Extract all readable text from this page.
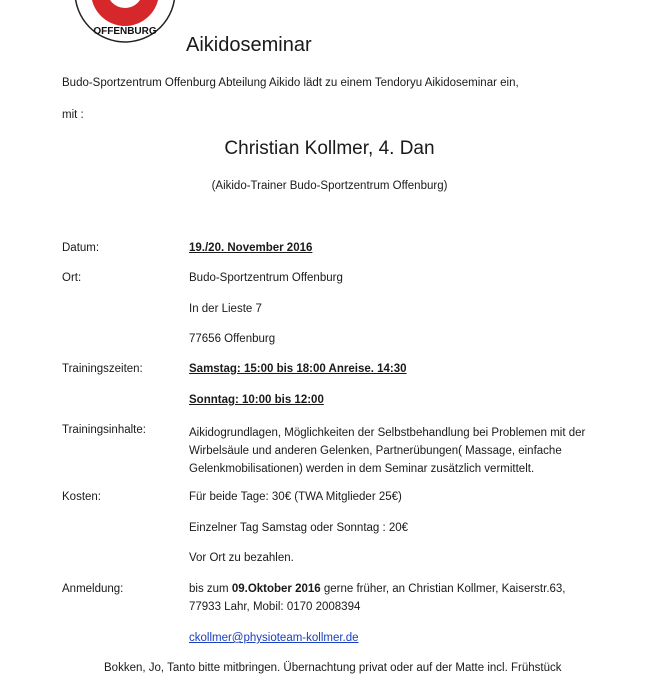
OFFENBURG
Aikidoseminar
Budo-Sportzentrum Offenburg Abteilung Aikido lädt zu einem Tendoryu Aikidoseminar ein,
mit :
Christian Kollmer, 4. Dan
(Aikido-Trainer Budo-Sportzentrum Offenburg)
Datum:	19./20. November 2016
Ort:	Budo-Sportzentrum Offenburg
In der Lieste 7
77656 Offenburg
Trainingszeiten:	Samstag: 15:00 bis 18:00 Anreise. 14:30
Sonntag: 10:00 bis 12:00
Trainingsinhalte:	Aikidogrundlagen, Möglichkeiten der Selbstbehandlung bei Problemen mit der Wirbelsäule und anderen Gelenken, Partnerübungen( Massage, einfache Gelenkmobilisationen) werden in dem Seminar zusätzlich vermittelt.
Kosten:	Für beide Tage: 30€ (TWA Mitglieder 25€)
Einzelner Tag Samstag oder Sonntag : 20€
Vor Ort zu bezahlen.
Anmeldung:	bis zum 09.Oktober 2016 gerne früher, an Christian Kollmer, Kaiserstr.63,
77933 Lahr, Mobil: 0170 2008394
ckollmer@physioteam-kollmer.de
Bokken, Jo, Tanto bitte mitbringen. Übernachtung privat oder auf der Matte incl. Frühstück
